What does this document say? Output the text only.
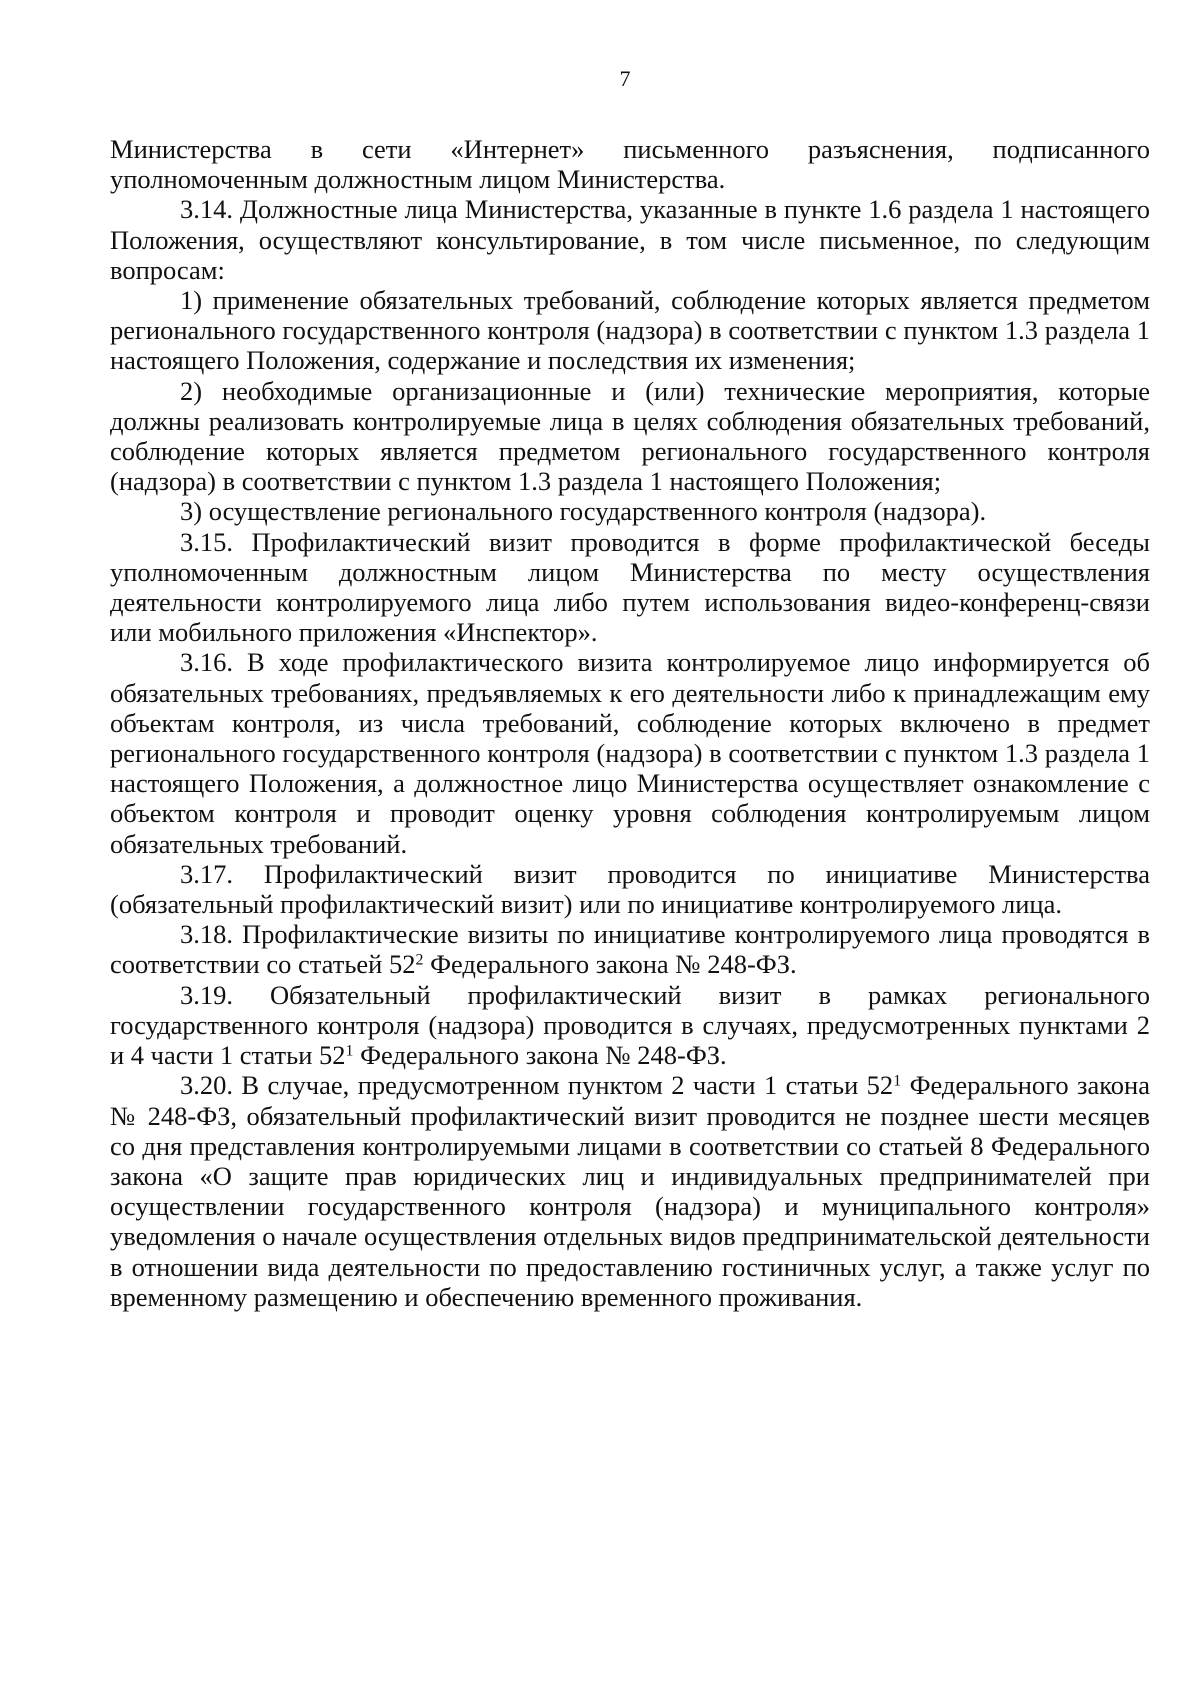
7

Министерства в сети «Интернет» письменного разъяснения, подписанного уполномоченным должностным лицом Министерства.

3.14. Должностные лица Министерства, указанные в пункте 1.6 раздела 1 настоящего Положения, осуществляют консультирование, в том числе письменное, по следующим вопросам:

1) применение обязательных требований, соблюдение которых является предметом регионального государственного контроля (надзора) в соответствии с пунктом 1.3 раздела 1 настоящего Положения, содержание и последствия их изменения;

2) необходимые организационные и (или) технические мероприятия, которые должны реализовать контролируемые лица в целях соблюдения обязательных требований, соблюдение которых является предметом регионального государственного контроля (надзора) в соответствии с пунктом 1.3 раздела 1 настоящего Положения;

3) осуществление регионального государственного контроля (надзора).

3.15. Профилактический визит проводится в форме профилактической беседы уполномоченным должностным лицом Министерства по месту осуществления деятельности контролируемого лица либо путем использования видео-конференц-связи или мобильного приложения «Инспектор».

3.16. В ходе профилактического визита контролируемое лицо информируется об обязательных требованиях, предъявляемых к его деятельности либо к принадлежащим ему объектам контроля, из числа требований, соблюдение которых включено в предмет регионального государственного контроля (надзора) в соответствии с пунктом 1.3 раздела 1 настоящего Положения, а должностное лицо Министерства осуществляет ознакомление с объектом контроля и проводит оценку уровня соблюдения контролируемым лицом обязательных требований.

3.17. Профилактический визит проводится по инициативе Министерства (обязательный профилактический визит) или по инициативе контролируемого лица.

3.18. Профилактические визиты по инициативе контролируемого лица проводятся в соответствии со статьей $52^2$ Федерального закона № 248-ФЗ.

3.19. Обязательный профилактический визит в рамках регионального государственного контроля (надзора) проводится в случаях, предусмотренных пунктами 2 и 4 части 1 статьи $52^1$ Федерального закона № 248-ФЗ.

3.20. В случае, предусмотренном пунктом 2 части 1 статьи $52^1$ Федерального закона № 248-ФЗ, обязательный профилактический визит проводится не позднее шести месяцев со дня представления контролируемыми лицами в соответствии со статьей 8 Федерального закона «О защите прав юридических лиц и индивидуальных предпринимателей при осуществлении государственного контроля (надзора) и муниципального контроля» уведомления о начале осуществления отдельных видов предпринимательской деятельности в отношении вида деятельности по предоставлению гостиничных услуг, а также услуг по временному размещению и обеспечению временного проживания.
